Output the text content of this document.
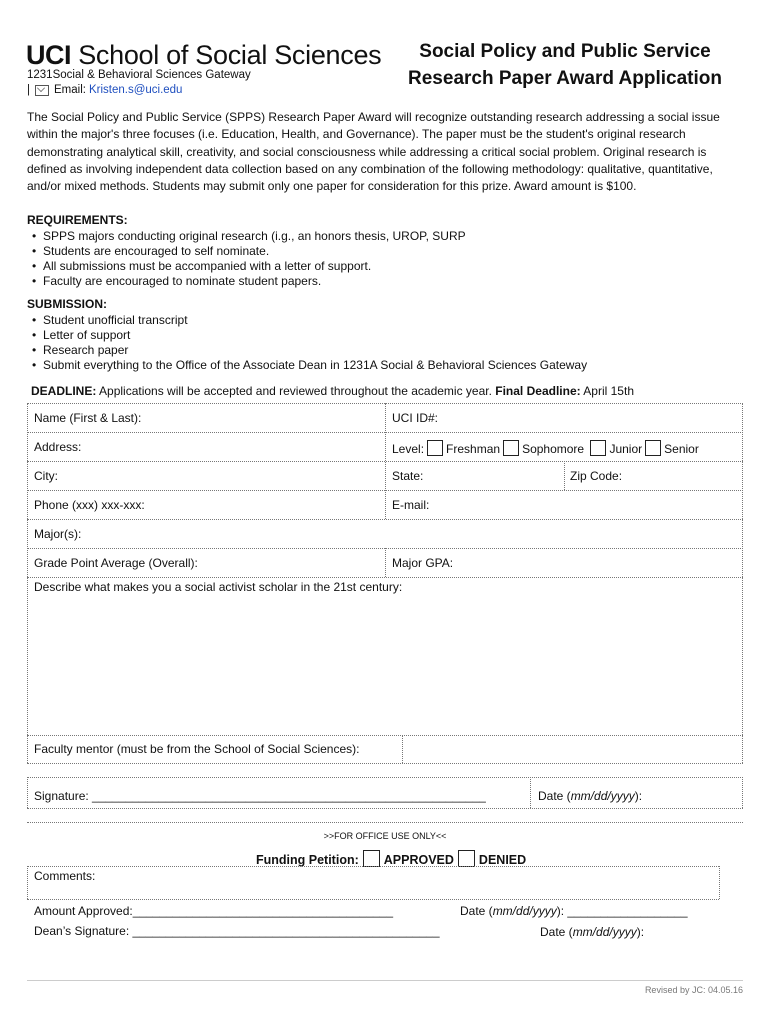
UCI School of Social Sciences
1231Social & Behavioral Sciences Gateway
| Email: Kristen.s@uci.edu
Social Policy and Public Service
Research Paper Award Application
The Social Policy and Public Service (SPPS) Research Paper Award will recognize outstanding research addressing a social issue within the major's three focuses (i.e. Education, Health, and Governance). The paper must be the student's original research demonstrating analytical skill, creativity, and social consciousness while addressing a critical social problem. Original research is defined as involving independent data collection based on any combination of the following methodology: qualitative, quantitative, and/or mixed methods. Students may submit only one paper for consideration for this prize. Award amount is $100.
REQUIREMENTS:
• SPPS majors conducting original research (i.g., an honors thesis, UROP, SURP
• Students are encouraged to self nominate.
• All submissions must be accompanied with a letter of support.
• Faculty are encouraged to nominate student papers.
SUBMISSION:
• Student unofficial transcript
• Letter of support
• Research paper
• Submit everything to the Office of the Associate Dean in 1231A Social & Behavioral Sciences Gateway
DEADLINE: Applications will be accepted and reviewed throughout the academic year. Final Deadline: April 15th
Name (First & Last):	UCI ID#:
Address:	Level: Freshman Sophomore Junior Senior
City:	State:	Zip Code:
Phone (xxx) xxx-xxx:	E-mail:
Major(s):
Grade Point Average (Overall):	Major GPA:
Describe what makes you a social activist scholar in the 21st century:
Faculty mentor (must be from the School of Social Sciences):
Signature: ___________________________________________________________	Date (mm/dd/yyyy):
>>FOR OFFICE USE ONLY<<
Funding Petition: APPROVED DENIED
Comments:
Amount Approved:_______________________________________	Date (mm/dd/yyyy): __________________
Dean’s Signature: ______________________________________________	Date (mm/dd/yyyy):
Revised by JC: 04.05.16
